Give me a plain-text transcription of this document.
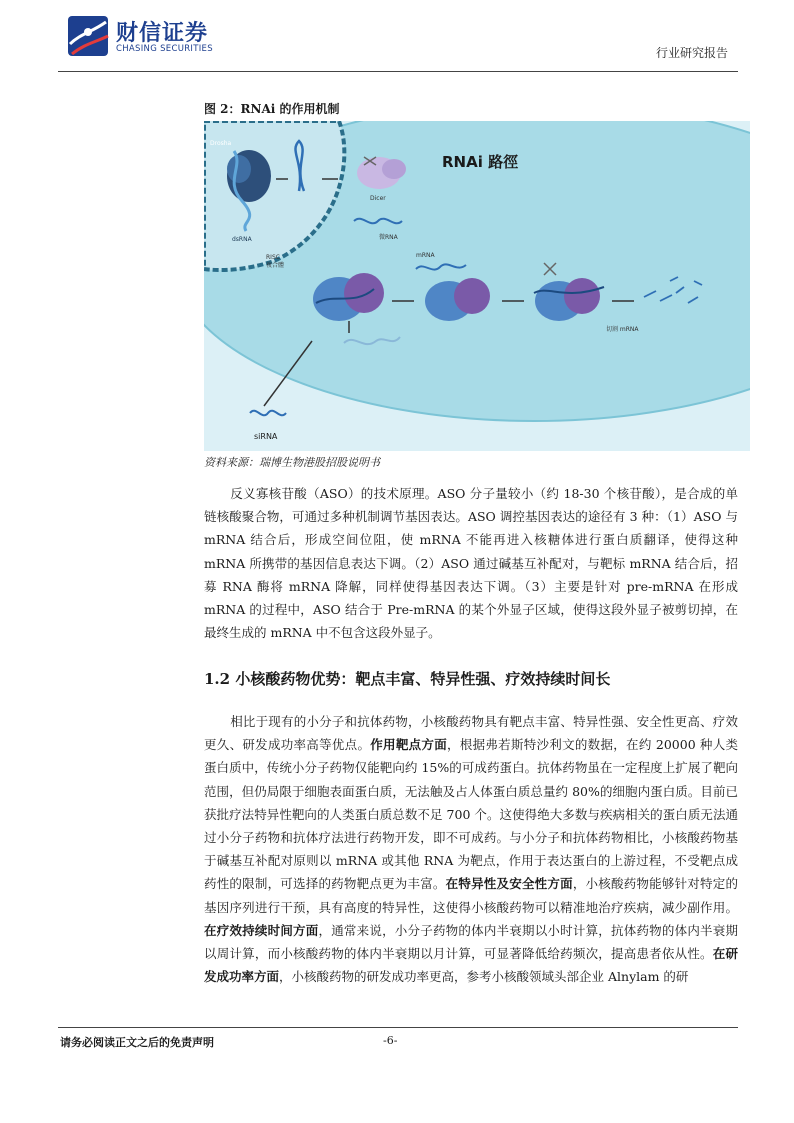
财信证券
CHASING SECURITIES	行业研究报告
图 2：RNAi 的作用机制
Drosha
dsRNA
Dicer
RNAi 路徑
微RNA
RISC
複合體
mRNA
切割 mRNA
siRNA
资料来源：瑞博生物港股招股说明书

反义寡核苷酸（ASO）的技术原理。ASO 分子量较小（约 18-30 个核苷酸），是合成的单链核酸聚合物，可通过多种机制调节基因表达。ASO 调控基因表达的途径有 3 种：（1）ASO 与 mRNA 结合后，形成空间位阻，使 mRNA 不能再进入核糖体进行蛋白质翻译，使得这种 mRNA 所携带的基因信息表达下调。（2）ASO 通过碱基互补配对，与靶标 mRNA 结合后，招募 RNA 酶将 mRNA 降解，同样使得基因表达下调。（3）主要是针对 pre-mRNA 在形成 mRNA 的过程中，ASO 结合于 Pre-mRNA 的某个外显子区域，使得这段外显子被剪切掉，在最终生成的 mRNA 中不包含这段外显子。

1.2 小核酸药物优势：靶点丰富、特异性强、疗效持续时间长

相比于现有的小分子和抗体药物，小核酸药物具有靶点丰富、特异性强、安全性更高、疗效更久、研发成功率高等优点。作用靶点方面，根据弗若斯特沙利文的数据，在约 20000 种人类蛋白质中，传统小分子药物仅能靶向约 15%的可成药蛋白。抗体药物虽在一定程度上扩展了靶向范围，但仍局限于细胞表面蛋白质，无法触及占人体蛋白质总量约 80%的细胞内蛋白质。目前已获批疗法特异性靶向的人类蛋白质总数不足 700 个。这使得绝大多数与疾病相关的蛋白质无法通过小分子药物和抗体疗法进行药物开发，即不可成药。与小分子和抗体药物相比，小核酸药物基于碱基互补配对原则以 mRNA 或其他 RNA 为靶点，作用于表达蛋白的上游过程，不受靶点成药性的限制，可选择的药物靶点更为丰富。在特异性及安全性方面，小核酸药物能够针对特定的基因序列进行干预，具有高度的特异性，这使得小核酸药物可以精准地治疗疾病，减少副作用。在疗效持续时间方面，通常来说，小分子药物的体内半衰期以小时计算，抗体药物的体内半衰期以周计算，而小核酸药物的体内半衰期以月计算，可显著降低给药频次，提高患者依从性。在研发成功率方面，小核酸药物的研发成功率更高，参考小核酸领域头部企业 Alnylam 的研

请务必阅读正文之后的免责声明	-6-
